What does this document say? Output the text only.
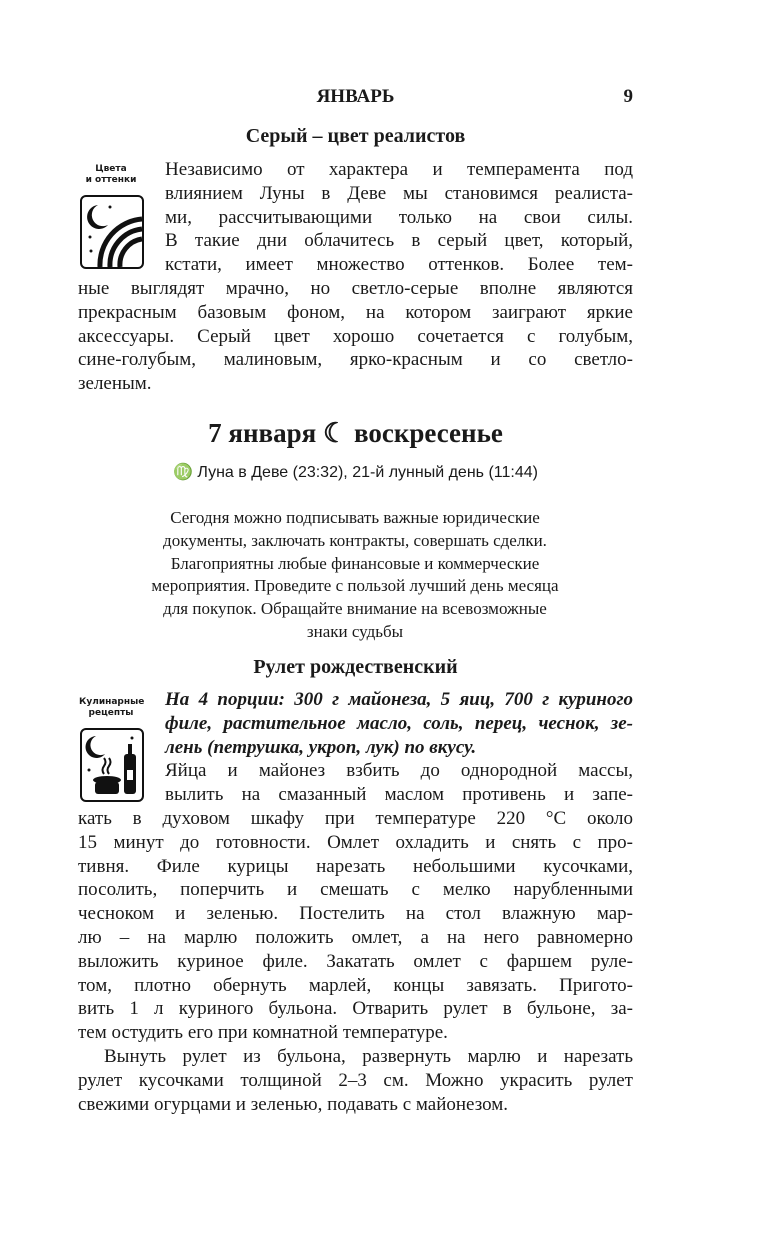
ЯНВАРЬ	9
Серый – цвет реалистов
Цвета
и оттенки	Независимо от характера и темперамента под
влиянием Луны в Деве мы становимся реалиста-
ми, рассчитывающими только на свои силы.
В такие дни облачитесь в серый цвет, который,
кстати, имеет множество оттенков. Более тем-
ные выглядят мрачно, но светло-серые вполне являются
прекрасным базовым фоном, на котором заиграют яркие
аксессуары. Серый цвет хорошо сочетается с голубым,
сине-голубым, малиновым, ярко-красным и со светло-
зеленым.
7 января ☾ воскресенье
♍ Луна в Деве (23:32), 21-й лунный день (11:44)
Сегодня можно подписывать важные юридические
документы, заключать контракты, совершать сделки.
Благоприятны любые финансовые и коммерческие
мероприятия. Проведите с пользой лучший день месяца
для покупок. Обращайте внимание на всевозможные
знаки судьбы
Рулет рождественский
Кулинарные
рецепты
На 4 порции: 300 г майонеза, 5 яиц, 700 г куриного
филе, растительное масло, соль, перец, чеснок, зе-
лень (петрушка, укроп, лук) по вкусу.
Яйца и майонез взбить до однородной массы,
вылить на смазанный маслом противень и запе-
кать в духовом шкафу при температуре 220 °С около
15 минут до готовности. Омлет охладить и снять с про-
тивня. Филе курицы нарезать небольшими кусочками,
посолить, поперчить и смешать с мелко нарубленными
чесноком и зеленью. Постелить на стол влажную мар-
лю – на марлю положить омлет, а на него равномерно
выложить куриное филе. Закатать омлет с фаршем руле-
том, плотно обернуть марлей, концы завязать. Пригото-
вить 1 л куриного бульона. Отварить рулет в бульоне, за-
тем остудить его при комнатной температуре.
Вынуть рулет из бульона, развернуть марлю и нарезать
рулет кусочками толщиной 2–3 см. Можно украсить рулет
свежими огурцами и зеленью, подавать с майонезом.
